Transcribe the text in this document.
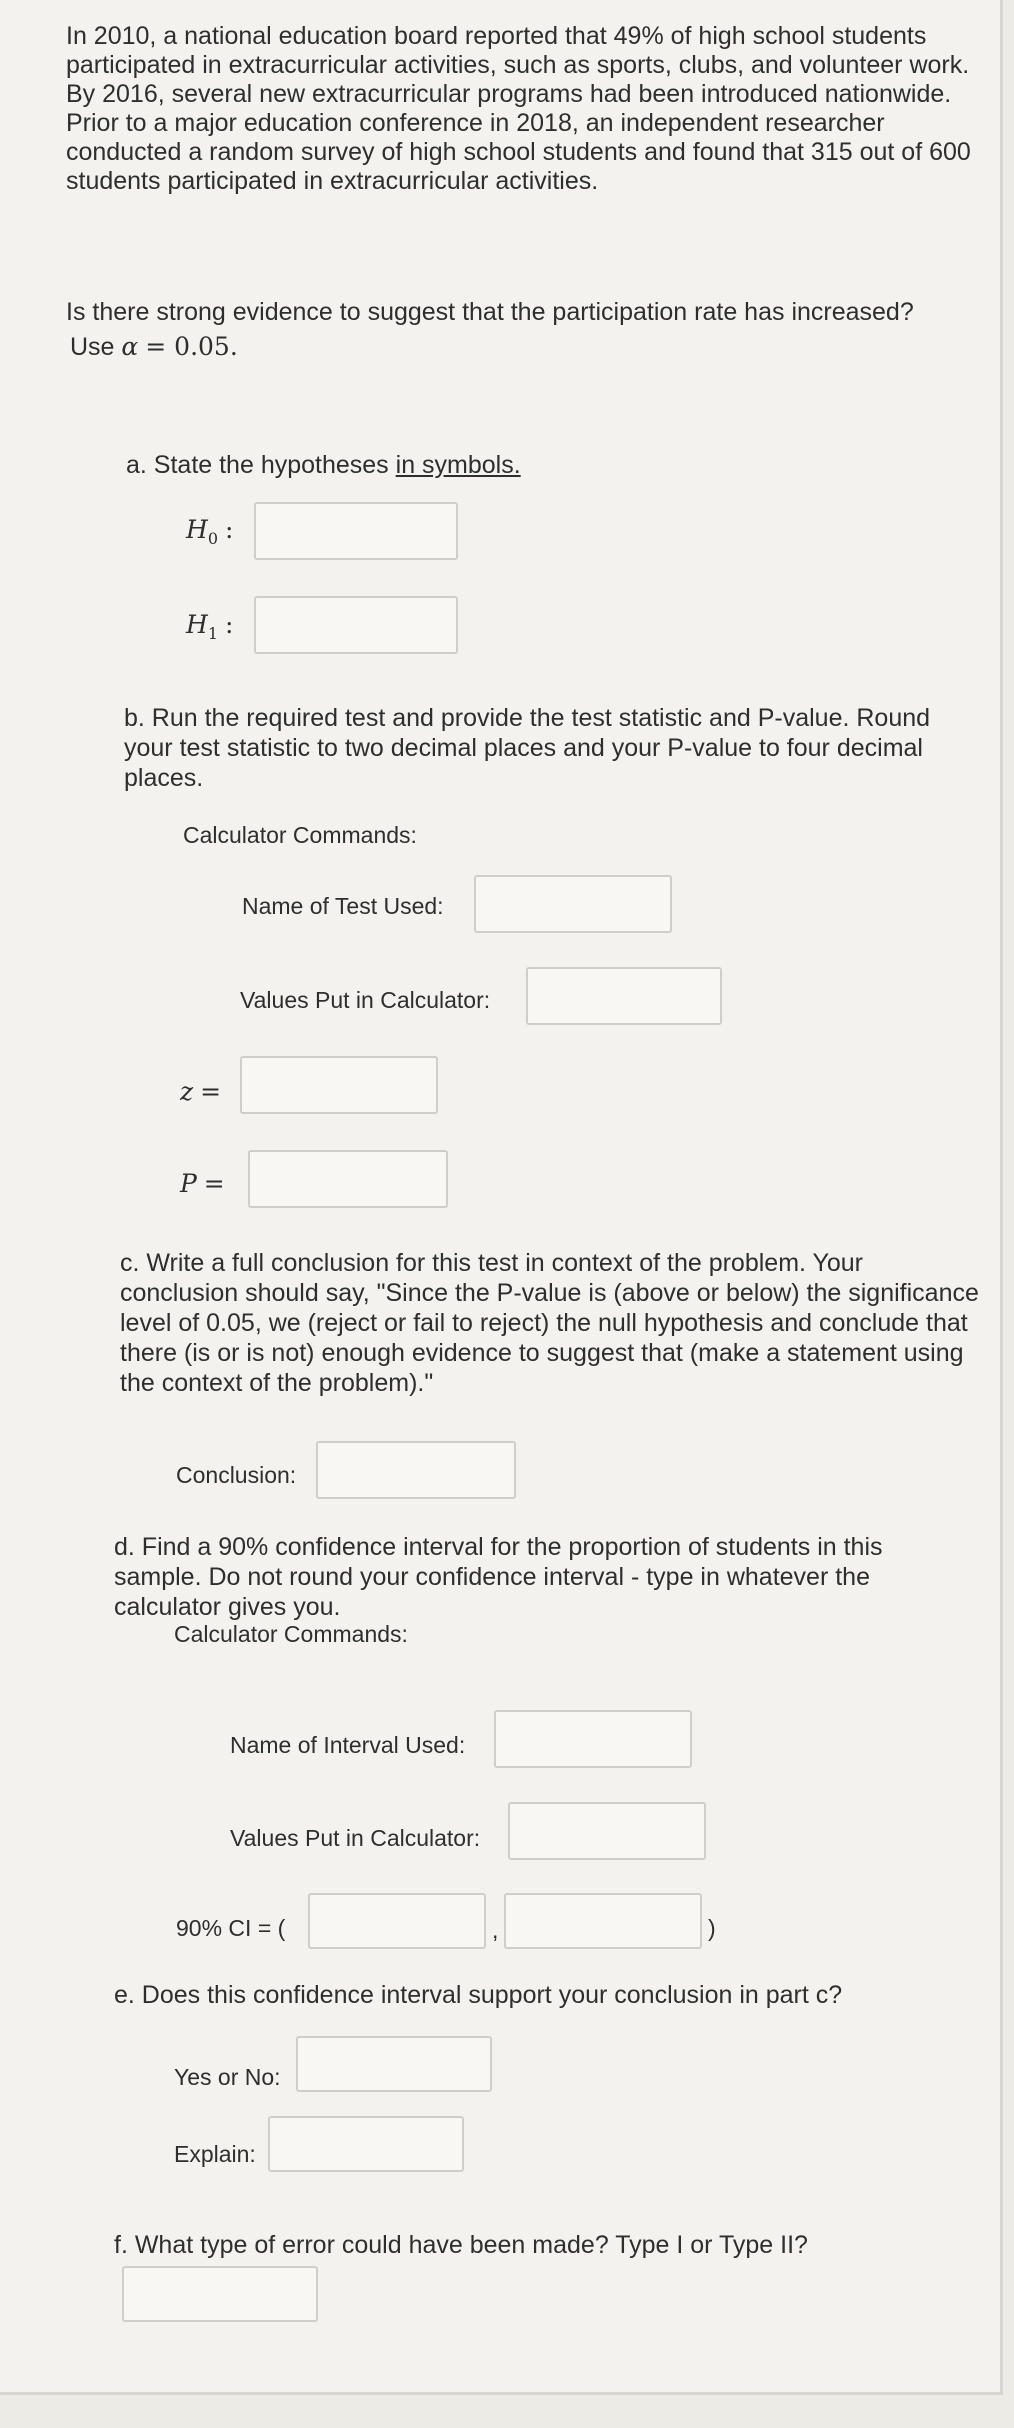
In 2010, a national education board reported that 49% of high school students
participated in extracurricular activities, such as sports, clubs, and volunteer work.
By 2016, several new extracurricular programs had been introduced nationwide.
Prior to a major education conference in 2018, an independent researcher
conducted a random survey of high school students and found that 315 out of 600
students participated in extracurricular activities.
Is there strong evidence to suggest that the participation rate has increased?
Use α = 0.05.
a. State the hypotheses in symbols.
$H_0$ :
$H_1$ :
b. Run the required test and provide the test statistic and P-value. Round
your test statistic to two decimal places and your P-value to four decimal
places.
Calculator Commands:
Name of Test Used:
Values Put in Calculator:
z =
P =
c. Write a full conclusion for this test in context of the problem. Your
conclusion should say, "Since the P-value is (above or below) the significance
level of 0.05, we (reject or fail to reject) the null hypothesis and conclude that
there (is or is not) enough evidence to suggest that (make a statement using
the context of the problem)."
Conclusion:
d. Find a 90% confidence interval for the proportion of students in this
sample. Do not round your confidence interval - type in whatever the
calculator gives you.
Calculator Commands:
Name of Interval Used:
Values Put in Calculator:
90% CI = (	,	)
e. Does this confidence interval support your conclusion in part c?
Yes or No:
Explain:
f. What type of error could have been made? Type I or Type II?
